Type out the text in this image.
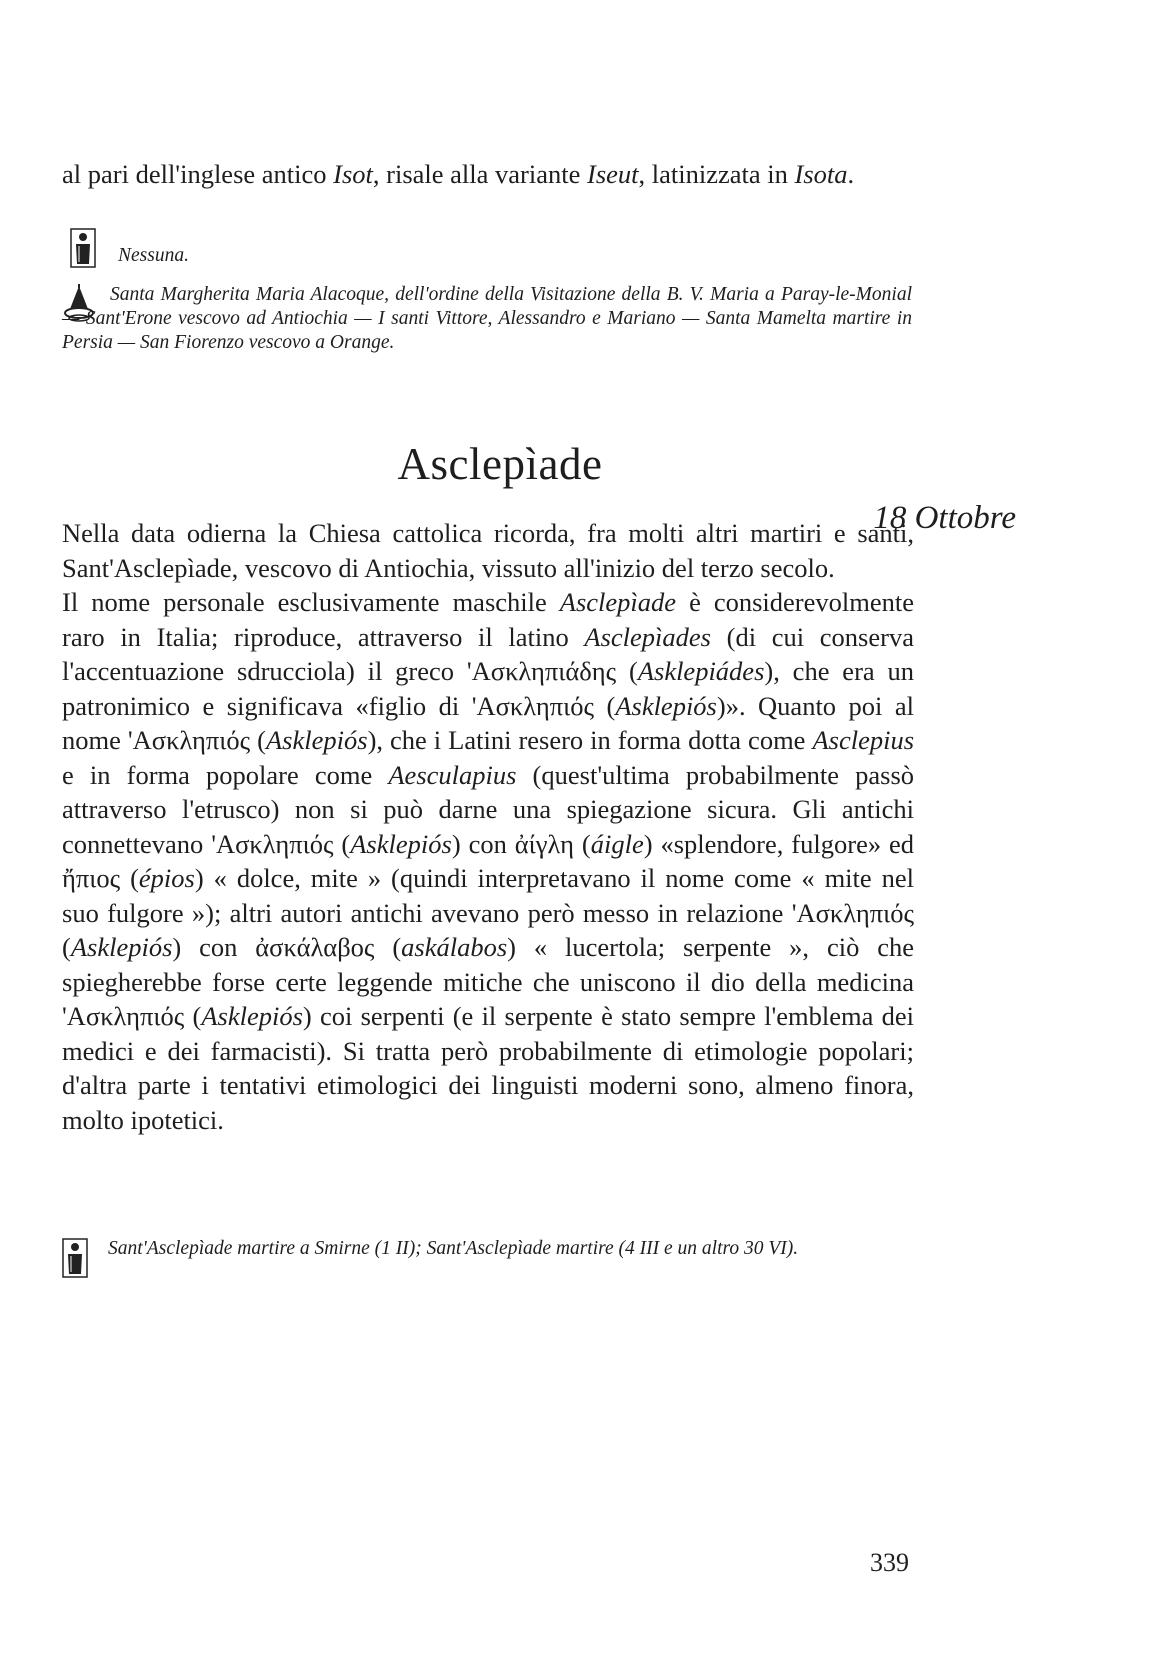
al pari dell'inglese antico Isot, risale alla variante Iseut, latinizzata in Isota.

Nessuna.
Santa Margherita Maria Alacoque, dell'ordine della Visitazione della B. V. Maria a Paray-le-Monial — Sant'Erone vescovo ad Antiochia — I santi Vittore, Alessandro e Mariano — Santa Mamelta martire in Persia — San Fiorenzo vescovo a Orange.
Asclepìade
18 Ottobre

Nella data odierna la Chiesa cattolica ricorda, fra molti altri martiri e santi, Sant'Asclepìade, vescovo di Antiochia, vissuto all'inizio del terzo secolo.

Il nome personale esclusivamente maschile Asclepìade è considerevolmente raro in Italia; riproduce, attraverso il latino Asclepìades (di cui conserva l'accentuazione sdrucciola) il greco 'Ασκληπιάδης (Asklepiádes), che era un patronimico e significava «figlio di 'Ασκληπιός (Asklepiós)». Quanto poi al nome 'Ασκληπιός (Asklepiós), che i Latini resero in forma dotta come Asclepius e in forma popolare come Aesculapius (quest'ultima probabilmente passò attraverso l'etrusco) non si può darne una spiegazione sicura. Gli antichi connettevano 'Ασκληπιός (Asklepiós) con ἀίγλη (áigle) «splendore, fulgore» ed ἤπιος (épios) « dolce, mite » (quindi interpretavano il nome come « mite nel suo fulgore »); altri autori antichi avevano però messo in relazione 'Ασκληπιός (Asklepiós) con ἀσκάλαβος (askálabos) « lucertola; serpente », ciò che spiegherebbe forse certe leggende mitiche che uniscono il dio della medicina 'Ασκληπιός (Asklepiós) coi serpenti (e il serpente è stato sempre l'emblema dei medici e dei farmacisti). Si tratta però probabilmente di etimologie popolari; d'altra parte i tentativi etimologici dei linguisti moderni sono, almeno finora, molto ipotetici.

Sant'Asclepìade martire a Smirne (1 II); Sant'Asclepìade martire (4 III e un altro 30 VI).
339
